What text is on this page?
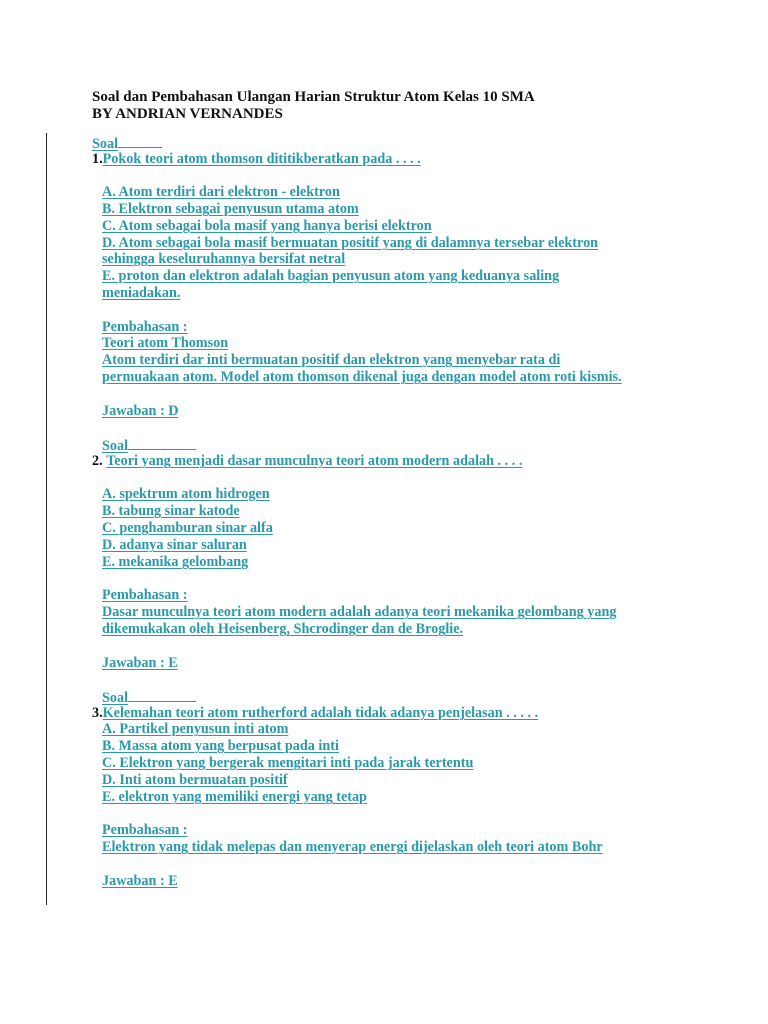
Soal dan Pembahasan Ulangan Harian Struktur Atom Kelas 10 SMA
BY ANDRIAN VERNANDES
Soal
1.Pokok teori atom thomson dititikberatkan pada . . . .
A. Atom terdiri dari elektron - elektron
B. Elektron sebagai penyusun utama atom
C. Atom sebagai bola masif yang hanya berisi elektron
D. Atom sebagai bola masif bermuatan positif yang di dalamnya tersebar elektron
sehingga keseluruhannya bersifat netral
E. proton dan elektron adalah bagian penyusun atom yang keduanya saling
meniadakan.
Pembahasan :
Teori atom Thomson
Atom terdiri dar inti bermuatan positif dan elektron yang menyebar rata di
permuakaan atom. Model atom thomson dikenal juga dengan model atom roti kismis.
Jawaban : D
Soal
2. Teori yang menjadi dasar munculnya teori atom modern adalah . . . .
A. spektrum atom hidrogen
B. tabung sinar katode
C. penghamburan sinar alfa
D. adanya sinar saluran
E. mekanika gelombang
Pembahasan :
Dasar munculnya teori atom modern adalah adanya teori mekanika gelombang yang
dikemukakan oleh Heisenberg, Shcrodinger dan de Broglie.
Jawaban : E
Soal
3.Kelemahan teori atom rutherford adalah tidak adanya penjelasan . . . . .
A. Partikel penyusun inti atom
B. Massa atom yang berpusat pada inti
C. Elektron yang bergerak mengitari inti pada jarak tertentu
D. Inti atom bermuatan positif
E. elektron yang memiliki energi yang tetap
Pembahasan :
Elektron yang tidak melepas dan menyerap energi dijelaskan oleh teori atom Bohr
Jawaban : E
